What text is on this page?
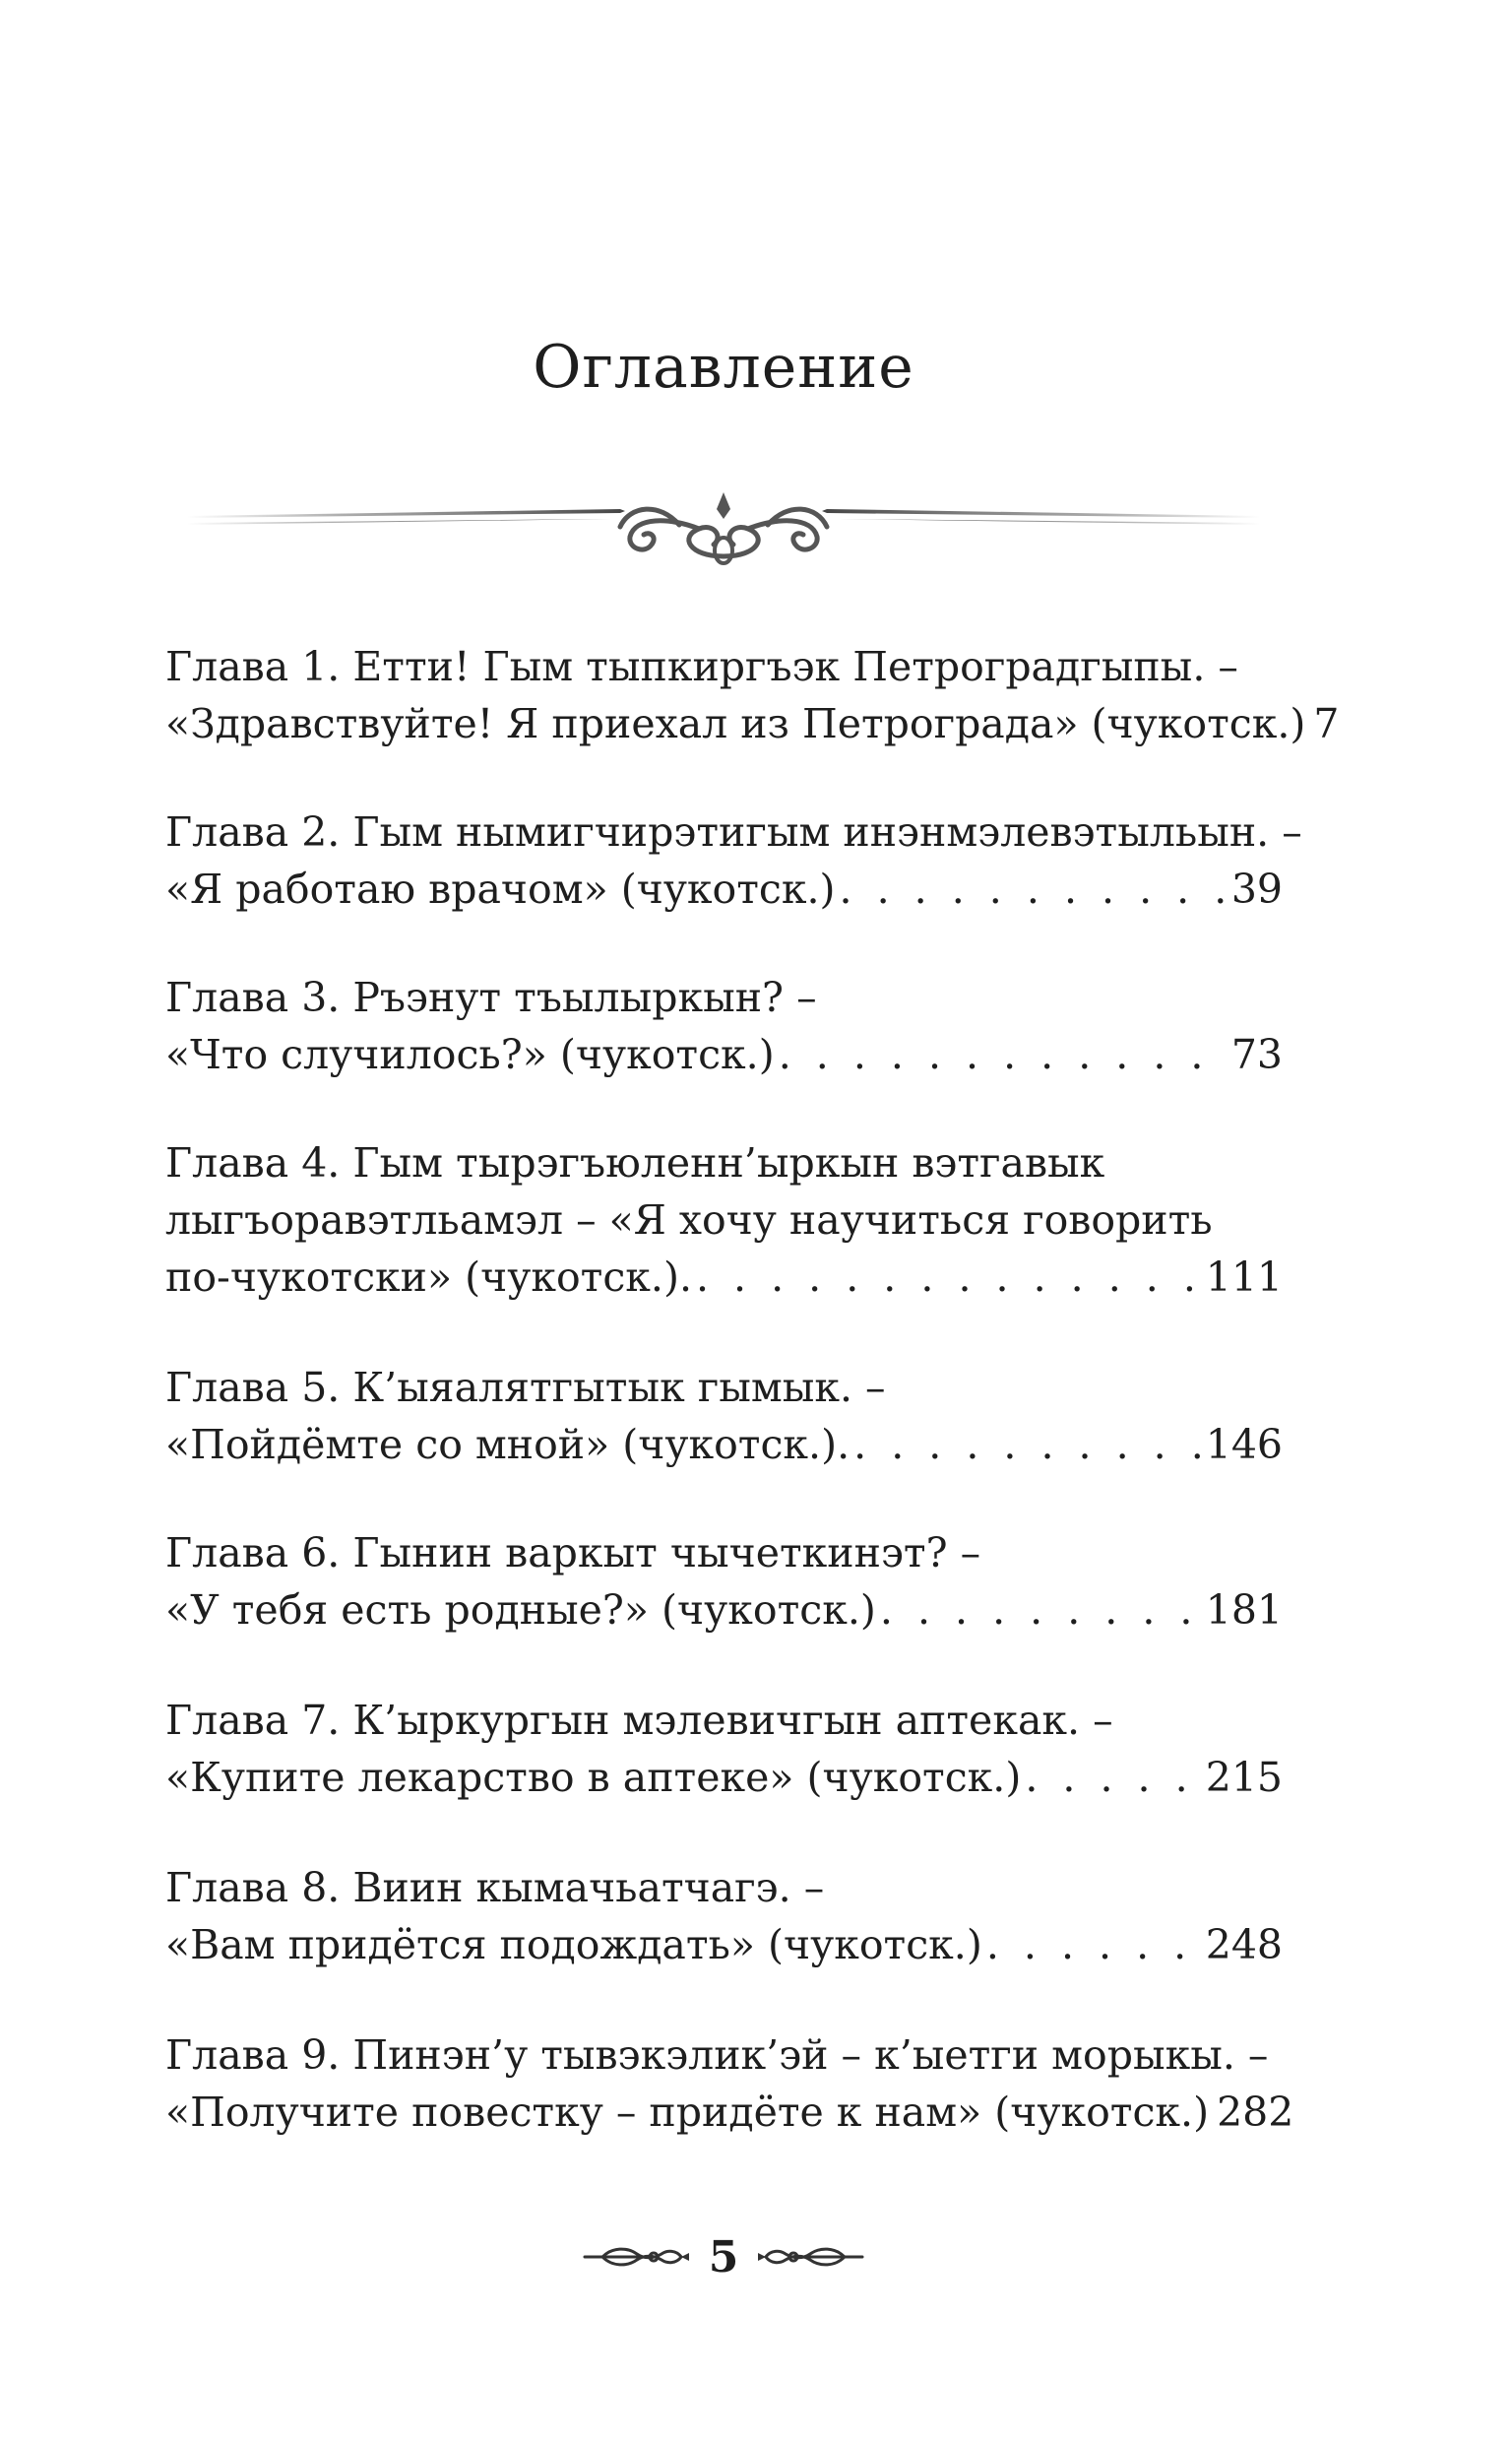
Оглавление
Глава 1. Етти! Гым тыпкиргъэк Петроградгыпы. –
«Здравствуйте! Я приехал из Петрограда» (чукотск.) . . . 7
Глава 2. Гым нымигчирэтигым инэнмэлевэтыльын. –
«Я работаю врачом» (чукотск.) . . .	39
Глава 3. Ръэнут тъылыркын? –
«Что случилось?» (чукотск.) . . .	73
Глава 4. Гым тырэгъюленн’ыркын вэтгавык
лыгъоравэтльамэл – «Я хочу научиться говорить
по-чукотски» (чукотск.). . . .	111
Глава 5. К’ыяалятгытык гымык. –
«Пойдёмте со мной» (чукотск.). . . .	146
Глава 6. Гынин варкыт чычеткинэт? –
«У тебя есть родные?» (чукотск.) . . .	181
Глава 7. К’ыркургын мэлевичгын аптекак. –
«Купите лекарство в аптеке» (чукотск.) . . .	215
Глава 8. Виин кымачьатчагэ. –
«Вам придётся подождать» (чукотск.) . . .	248
Глава 9. Пинэн’у тывэкэлик’эй – к’ыетги морыкы. –
«Получите повестку – придёте к нам» (чукотск.) . . . 282
5
